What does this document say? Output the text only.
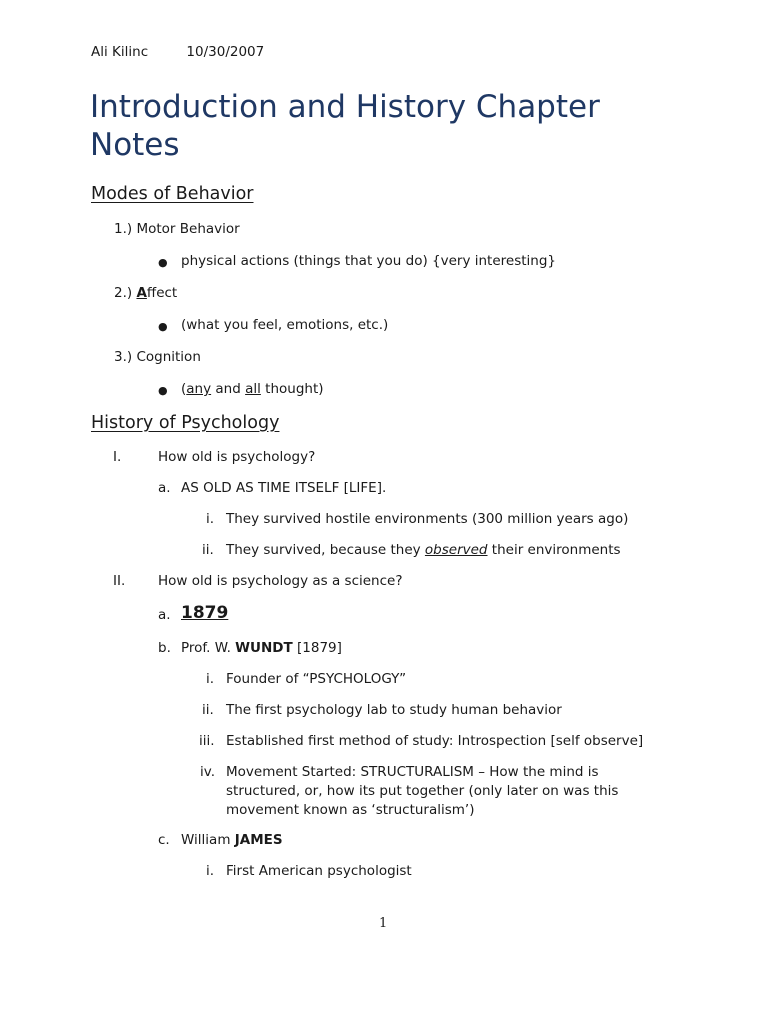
Ali Kilinc	10/30/2007
Introduction and History Chapter Notes
Modes of Behavior
1.) Motor Behavior
● physical actions (things that you do) {very interesting}
2.) Affect
● (what you feel, emotions, etc.)
3.) Cognition
● (any and all thought)
History of Psychology
I.	How old is psychology?
a. AS OLD AS TIME ITSELF [LIFE].
i. They survived hostile environments (300 million years ago)
ii. They survived, because they observed their environments
II. How old is psychology as a science?
a. 1879
b. Prof. W. WUNDT [1879]
i. Founder of “PSYCHOLOGY”
ii. The first psychology lab to study human behavior
iii. Established first method of study: Introspection [self observe]
iv. Movement Started: STRUCTURALISM – How the mind is structured, or, how its put together (only later on was this movement known as ‘structuralism’)
c. William JAMES
i. First American psychologist
1
